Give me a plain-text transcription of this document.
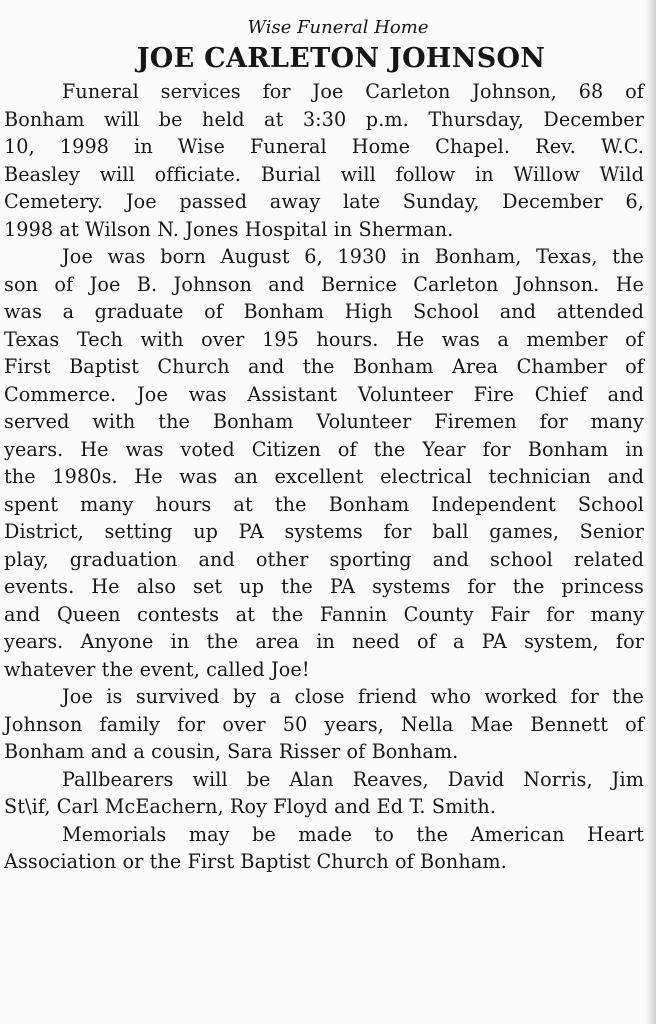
Wise Funeral Home
JOE CARLETON JOHNSON
Funeral services for Joe Carleton Johnson, 68 of
Bonham will be held at 3:30 p.m. Thursday, December
10, 1998 in Wise Funeral Home Chapel. Rev. W.C.
Beasley will officiate. Burial will follow in Willow Wild
Cemetery. Joe passed away late Sunday, December 6,
1998 at Wilson N. Jones Hospital in Sherman.
Joe was born August 6, 1930 in Bonham, Texas, the
son of Joe B. Johnson and Bernice Carleton Johnson. He
was a graduate of Bonham High School and attended
Texas Tech with over 195 hours. He was a member of
First Baptist Church and the Bonham Area Chamber of
Commerce. Joe was Assistant Volunteer Fire Chief and
served with the Bonham Volunteer Firemen for many
years. He was voted Citizen of the Year for Bonham in
the 1980s. He was an excellent electrical technician and
spent many hours at the Bonham Independent School
District, setting up PA systems for ball games, Senior
play, graduation and other sporting and school related
events. He also set up the PA systems for the princess
and Queen contests at the Fannin County Fair for many
years. Anyone in the area in need of a PA system, for
whatever the event, called Joe!
Joe is survived by a close friend who worked for the
Johnson family for over 50 years, Nella Mae Bennett of
Bonham and a cousin, Sara Risser of Bonham.
Pallbearers will be Alan Reaves, David Norris, Jim
St\if, Carl McEachern, Roy Floyd and Ed T. Smith.
Memorials may be made to the American Heart
Association or the First Baptist Church of Bonham.
